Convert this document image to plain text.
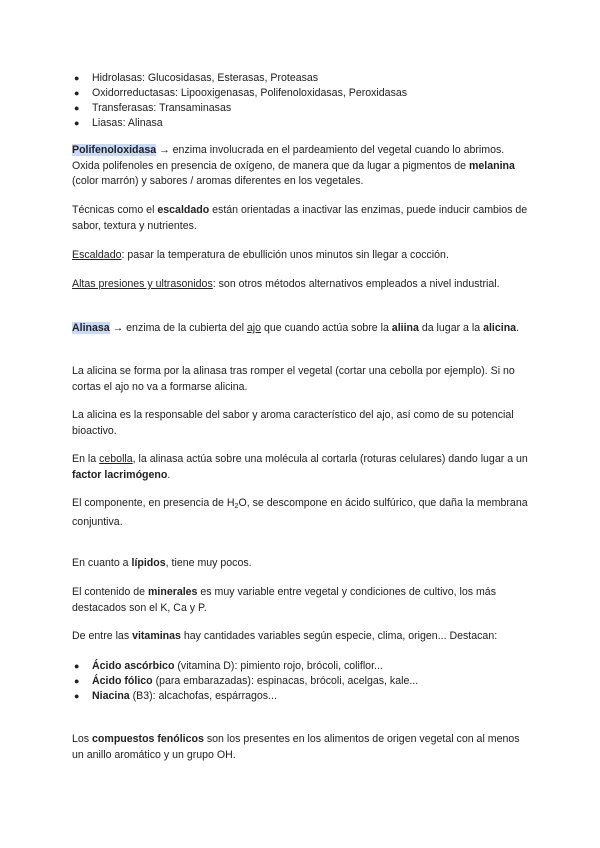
● Hidrolasas: Glucosidasas, Esterasas, Proteasas
● Oxidorreductasas: Lipooxigenasas, Polifenoloxidasas, Peroxidasas
● Transferasas: Transaminasas
● Liasas: Alinasa
Polifenoloxidasa → enzima involucrada en el pardeamiento del vegetal cuando lo abrimos. Oxida polifenoles en presencia de oxígeno, de manera que da lugar a pigmentos de melanina (color marrón) y sabores / aromas diferentes en los vegetales.
Técnicas como el escaldado están orientadas a inactivar las enzimas, puede inducir cambios de sabor, textura y nutrientes.
Escaldado: pasar la temperatura de ebullición unos minutos sin llegar a cocción.
Altas presiones y ultrasonidos: son otros métodos alternativos empleados a nivel industrial.
Alinasa → enzima de la cubierta del ajo que cuando actúa sobre la aliina da lugar a la alicina.
La alicina se forma por la alinasa tras romper el vegetal (cortar una cebolla por ejemplo). Si no cortas el ajo no va a formarse alicina.
La alicina es la responsable del sabor y aroma característico del ajo, así como de su potencial bioactivo.
En la cebolla, la alinasa actúa sobre una molécula al cortarla (roturas celulares) dando lugar a un factor lacrimógeno.
El componente, en presencia de $H_2O$, se descompone en ácido sulfúrico, que daña la membrana conjuntiva.
En cuanto a lípidos, tiene muy pocos.
El contenido de minerales es muy variable entre vegetal y condiciones de cultivo, los más destacados son el K, Ca y P.
De entre las vitaminas hay cantidades variables según especie, clima, origen... Destacan:
● Ácido ascórbico (vitamina D): pimiento rojo, brócoli, coliflor...
● Ácido fólico (para embarazadas): espinacas, brócoli, acelgas, kale...
● Niacina (B3): alcachofas, espárragos...
Los compuestos fenólicos son los presentes en los alimentos de origen vegetal con al menos un anillo aromático y un grupo OH.
